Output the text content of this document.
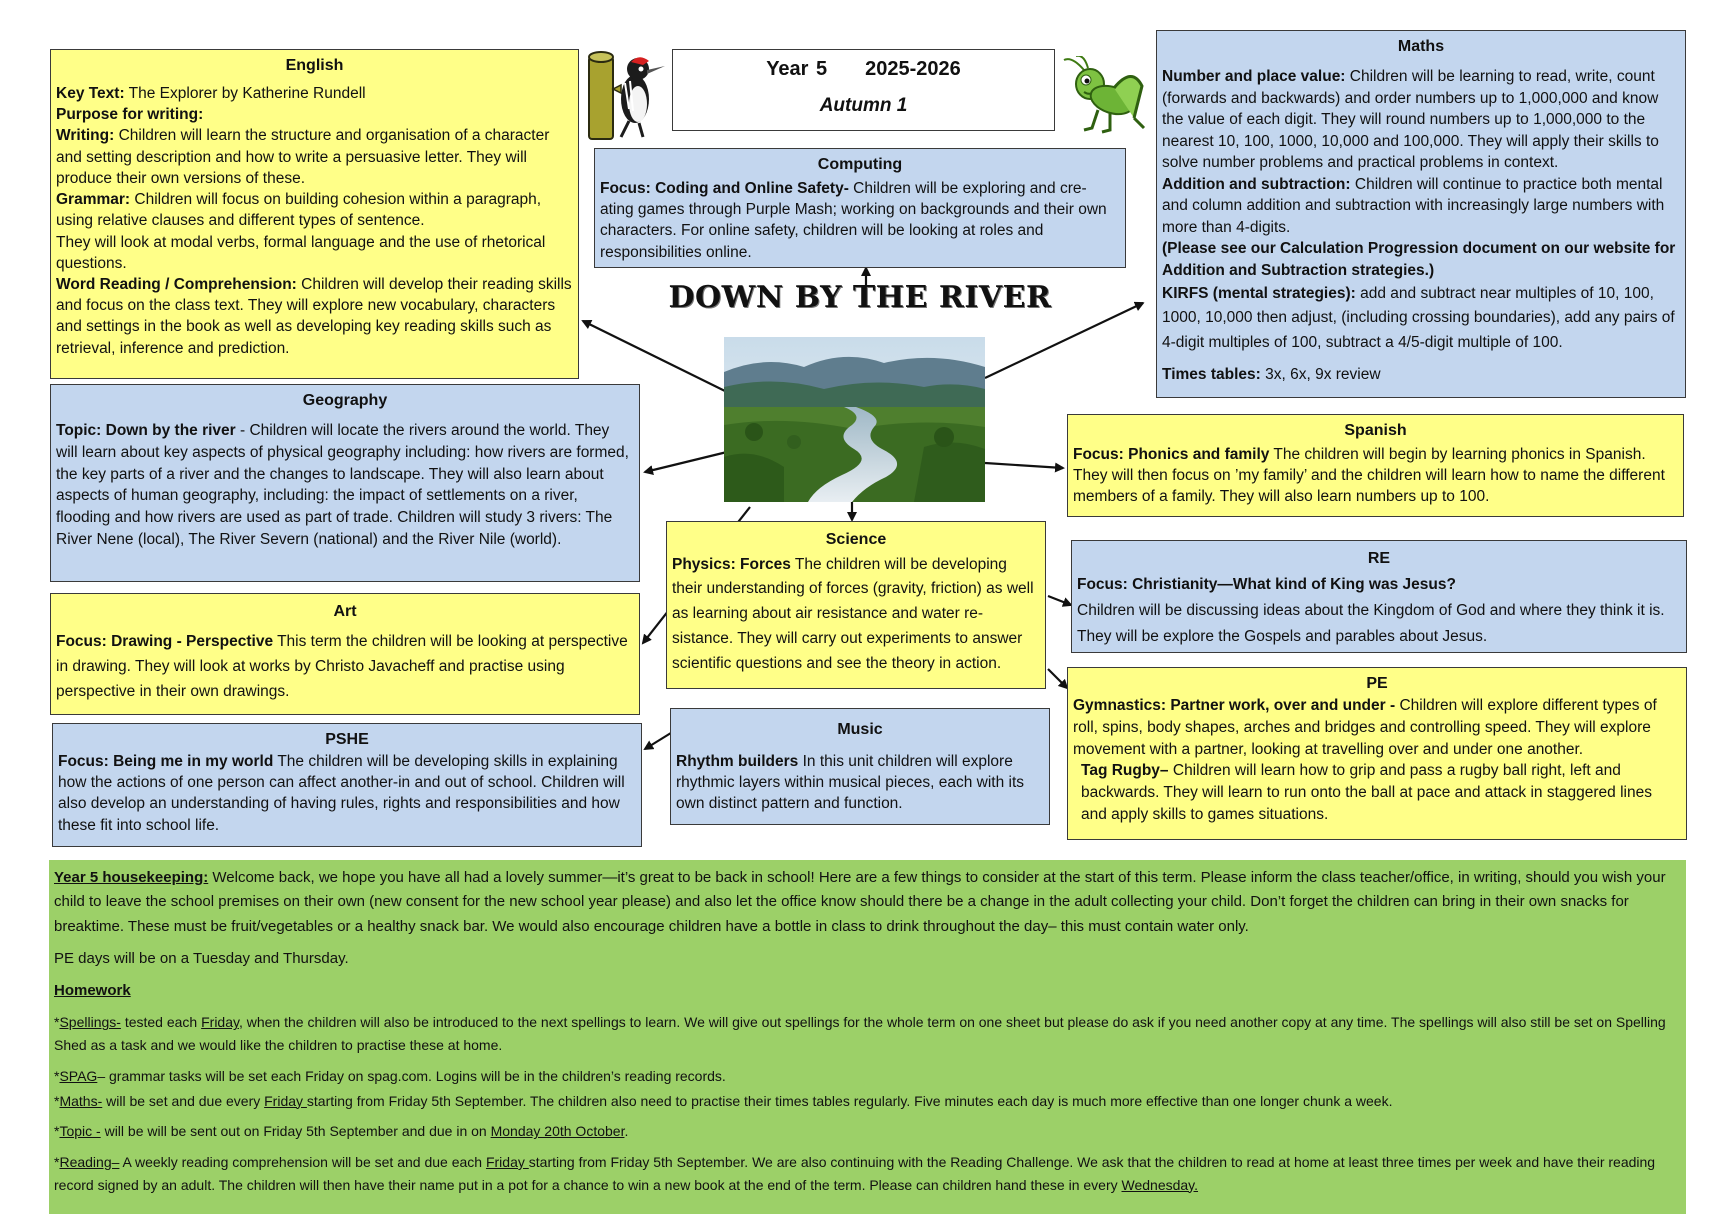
English

Key Text: The Explorer by Katherine Rundell

Purpose for writing:

Writing: Children will learn the structure and organisation of a character and setting description and how to write a persuasive letter. They will produce their own versions of these.

Grammar: Children will focus on building cohesion within a paragraph, using relative clauses and different types of sentence.

They will look at modal verbs, formal language and the use of rhetorical questions.

Word Reading / Comprehension: Children will develop their reading skills and focus on the class text. They will explore new vocabulary, characters and settings in the book as well as developing key reading skills such as retrieval, inference and prediction.

Year 5 2025-2026
Autumn 1
Computing

Focus: Coding and Online Safety- Children will be exploring and cre-ating games through Purple Mash; working on backgrounds and their own characters. For online safety, children will be looking at roles and responsibilities online.

Maths

Number and place value: Children will be learning to read, write, count (forwards and backwards) and order numbers up to 1,000,000 and know the value of each digit. They will round numbers up to 1,000,000 to the nearest 10, 100, 1000, 10,000 and 100,000. They will apply their skills to solve number problems and practical problems in context.

Addition and subtraction: Children will continue to practice both mental and column addition and subtraction with increasingly large numbers with more than 4-digits.

(Please see our Calculation Progression document on our website for Addition and Subtraction strategies.)

KIRFS (mental strategies): add and subtract near multiples of 10, 100, 1000, 10,000 then adjust, (including crossing boundaries), add any pairs of 4-digit multiples of 100, subtract a 4/5-digit multiple of 100.

Times tables: 3x, 6x, 9x review

DOWN BY THE RIVER
Geography

Topic: Down by the river - Children will locate the rivers around the world. They will learn about key aspects of physical geography including: how rivers are formed, the key parts of a river and the changes to landscape. They will also learn about aspects of human geography, including: the impact of settlements on a river, flooding and how rivers are used as part of trade. Children will study 3 rivers: The River Nene (local), The River Severn (national) and the River Nile (world).

Spanish

Focus: Phonics and family The children will begin by learning phonics in Spanish. They will then focus on ’my family’ and the children will learn how to name the different members of a family. They will also learn numbers up to 100.

Science

Physics: Forces The children will be developing their understanding of forces (gravity, friction) as well as learning about air resistance and water re-sistance. They will carry out experiments to answer scientific questions and see the theory in action.

RE

Focus: Christianity—What kind of King was Jesus?

Children will be discussing ideas about the Kingdom of God and where they think it is. They will be explore the Gospels and parables about Jesus.

Art

Focus: Drawing - Perspective This term the children will be looking at perspective in drawing. They will look at works by Christo Javacheff and practise using perspective in their own drawings.	PE

Gymnastics: Partner work, over and under - Children will explore different types of roll, spins, body shapes, arches and bridges and controlling speed. They will explore movement with a partner, looking at travelling over and under one another.

Tag Rugby– Children will learn how to grip and pass a rugby ball right, left and backwards. They will learn to run onto the ball at pace and attack in staggered lines and apply skills to games situations.

Music

Rhythm builders In this unit children will explore rhythmic layers within musical pieces, each with its own distinct pattern and function.

PSHE

Focus: Being me in my world The children will be developing skills in explaining how the actions of one person can affect another-in and out of school. Children will also develop an understanding of having rules, rights and responsibilities and how these fit into school life.

Year 5 housekeeping: Welcome back, we hope you have all had a lovely summer—it’s great to be back in school! Here are a few things to consider at the start of this term. Please inform the class teacher/office, in writing, should you wish your child to leave the school premises on their own (new consent for the new school year please) and also let the office know should there be a change in the adult collecting your child. Don’t forget the children can bring in their own snacks for breaktime. These must be fruit/vegetables or a healthy snack bar. We would also encourage children have a bottle in class to drink throughout the day– this must contain water only.

PE days will be on a Tuesday and Thursday.

Homework

*Spellings- tested each Friday, when the children will also be introduced to the next spellings to learn. We will give out spellings for the whole term on one sheet but please do ask if you need another copy at any time. The spellings will also still be set on Spelling Shed as a task and we would like the children to practise these at home.

*SPAG– grammar tasks will be set each Friday on spag.com. Logins will be in the children’s reading records.

*Maths- will be set and due every Friday starting from Friday 5th September. The children also need to practise their times tables regularly. Five minutes each day is much more effective than one longer chunk a week.

*Topic - will be will be sent out on Friday 5th September and due in on Monday 20th October.

*Reading– A weekly reading comprehension will be set and due each Friday starting from Friday 5th September. We are also continuing with the Reading Challenge. We ask that the children to read at home at least three times per week and have their reading record signed by an adult. The children will then have their name put in a pot for a chance to win a new book at the end of the term. Please can children hand these in every Wednesday.
